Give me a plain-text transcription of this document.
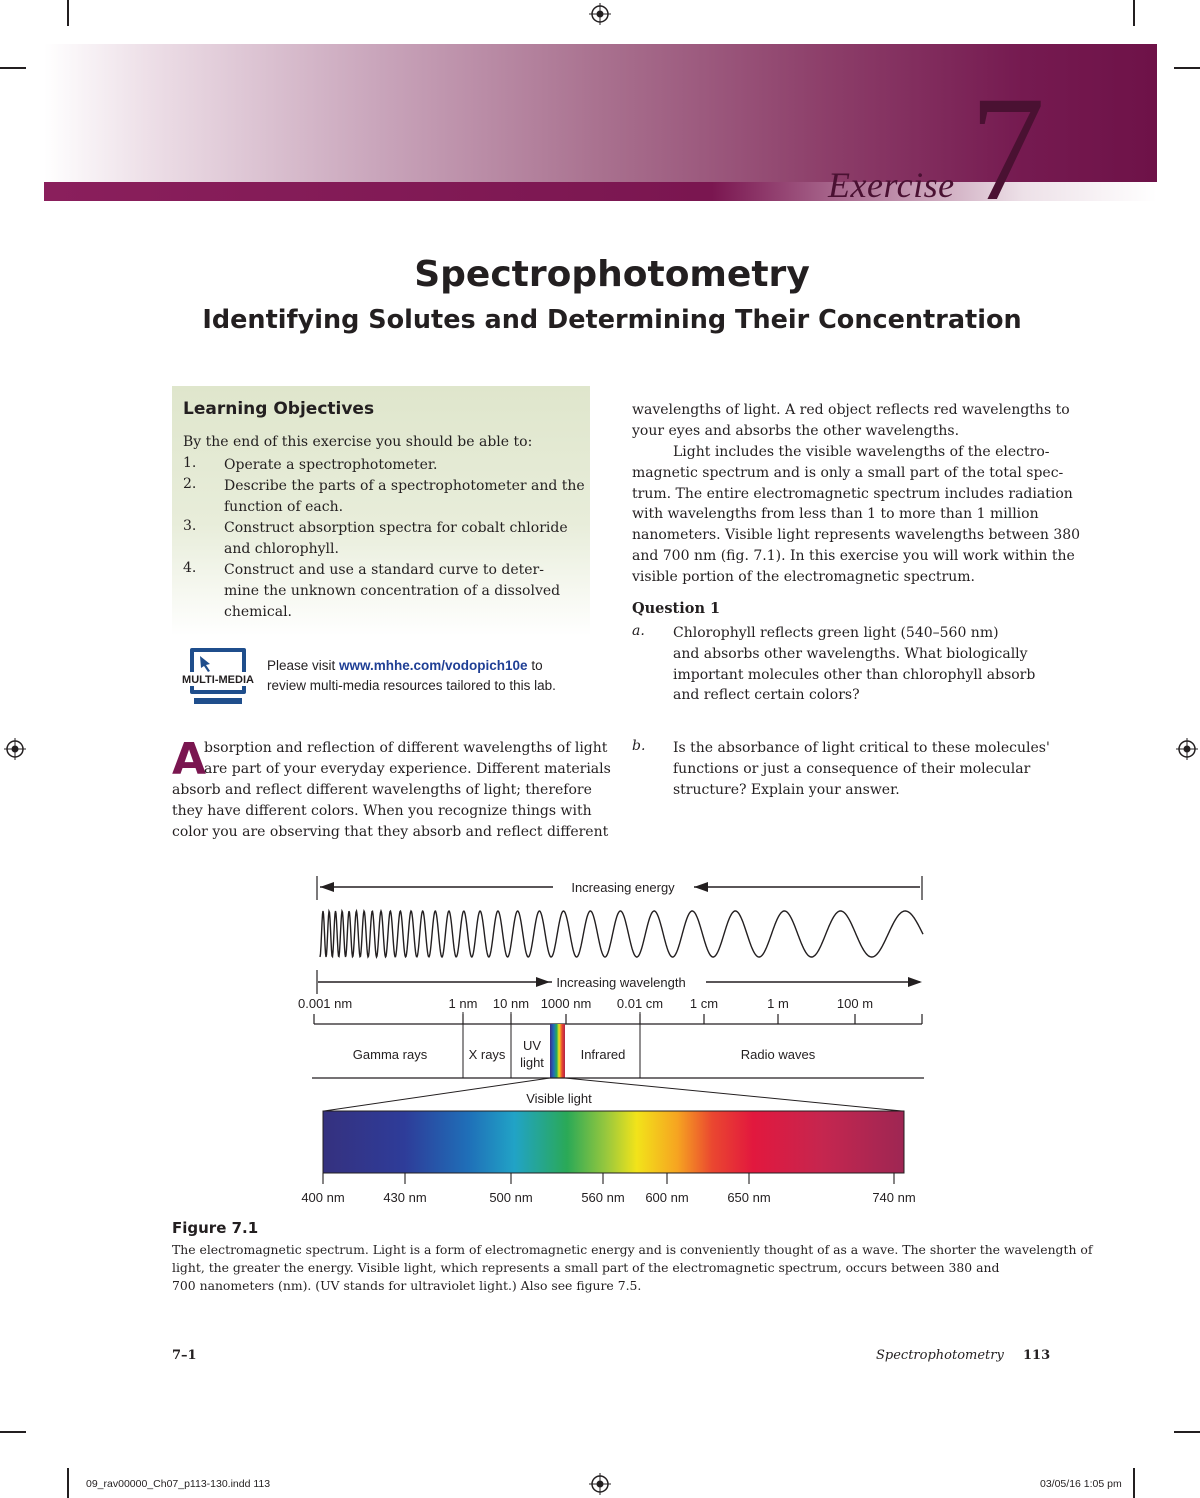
Exercise 7
Spectrophotometry
Identifying Solutes and Determining Their Concentration
Learning Objectives
By the end of this exercise you should be able to:
1. Operate a spectrophotometer.
2. Describe the parts of a spectrophotometer and the
function of each.
3. Construct absorption spectra for cobalt chloride
and chlorophyll.
4. Construct and use a standard curve to deter-
mine the unknown concentration of a dissolved
chemical.
MULTI-MEDIA
Please visit www.mhhe.com/vodopich10e to
review multi-media resources tailored to this lab.
A
bsorption and reflection of different wavelengths of light
are part of your everyday experience. Different materials
absorb and reflect different wavelengths of light; therefore
they have different colors. When you recognize things with
color you are observing that they absorb and reflect different
wavelengths of light. A red object reflects red wavelengths to
your eyes and absorbs the other wavelengths.
Light includes the visible wavelengths of the electro-
magnetic spectrum and is only a small part of the total spec-
trum. The entire electromagnetic spectrum includes radiation
with wavelengths from less than 1 to more than 1 million
nanometers. Visible light represents wavelengths between 380
and 700 nm (fig. 7.1). In this exercise you will work within the
visible portion of the electromagnetic spectrum.
Question 1
a. Chlorophyll reflects green light (540–560 nm)
and absorbs other wavelengths. What biologically
important molecules other than chlorophyll absorb
and reflect certain colors?
b. Is the absorbance of light critical to these molecules'
functions or just a consequence of their molecular
structure? Explain your answer.
Increasing energy
Increasing wavelength
0.001 nm	1 nm 10 nm 1000 nm 0.01 cm 1 cm	1 m	100 m
Gamma rays	X rays
UV
light
Infrared	Radio waves
Visible light
400 nm	430 nm	500 nm	560 nm 600 nm	650 nm	740 nm
Figure 7.1
The electromagnetic spectrum. Light is a form of electromagnetic energy and is conveniently thought of as a wave. The shorter the wavelength of
light, the greater the energy. Visible light, which represents a small part of the electromagnetic spectrum, occurs between 380 and
700 nanometers (nm). (UV stands for ultraviolet light.) Also see figure 7.5.
7–1	Spectrophotometry 113
09_rav00000_Ch07_p113-130.indd 113	03/05/16 1:05 pm
